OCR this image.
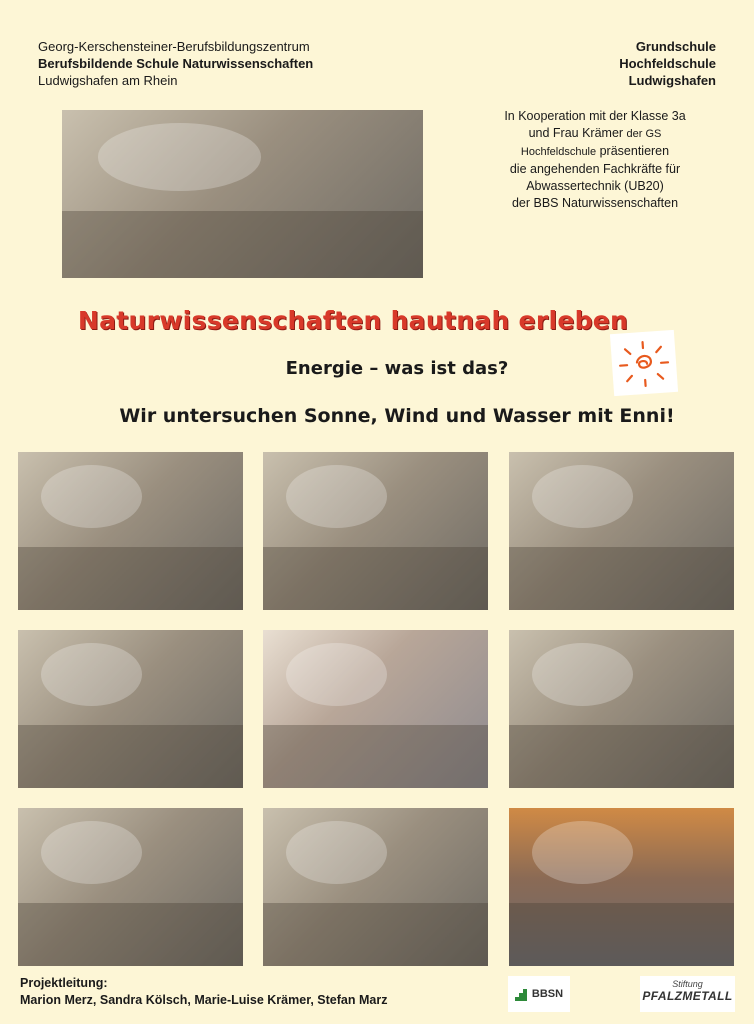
Georg-Kerschensteiner-Berufsbildungszentrum
Berufsbildende Schule Naturwissenschaften
Ludwigshafen am Rhein
Grundschule
Hochfeldschule
Ludwigshafen
In Kooperation mit der Klasse 3a
und Frau Krämer der GS
Hochfeldschule präsentieren
die angehenden Fachkräfte für
Abwassertechnik (UB20)
der BBS Naturwissenschaften
Naturwissenschaften hautnah erleben
Energie – was ist das?
Wir untersuchen Sonne, Wind und Wasser mit Enni!
Projektleitung:
Marion Merz, Sandra Kölsch, Marie-Luise Krämer, Stefan Marz	BBSN
Stiftung
PFALZMETALL
